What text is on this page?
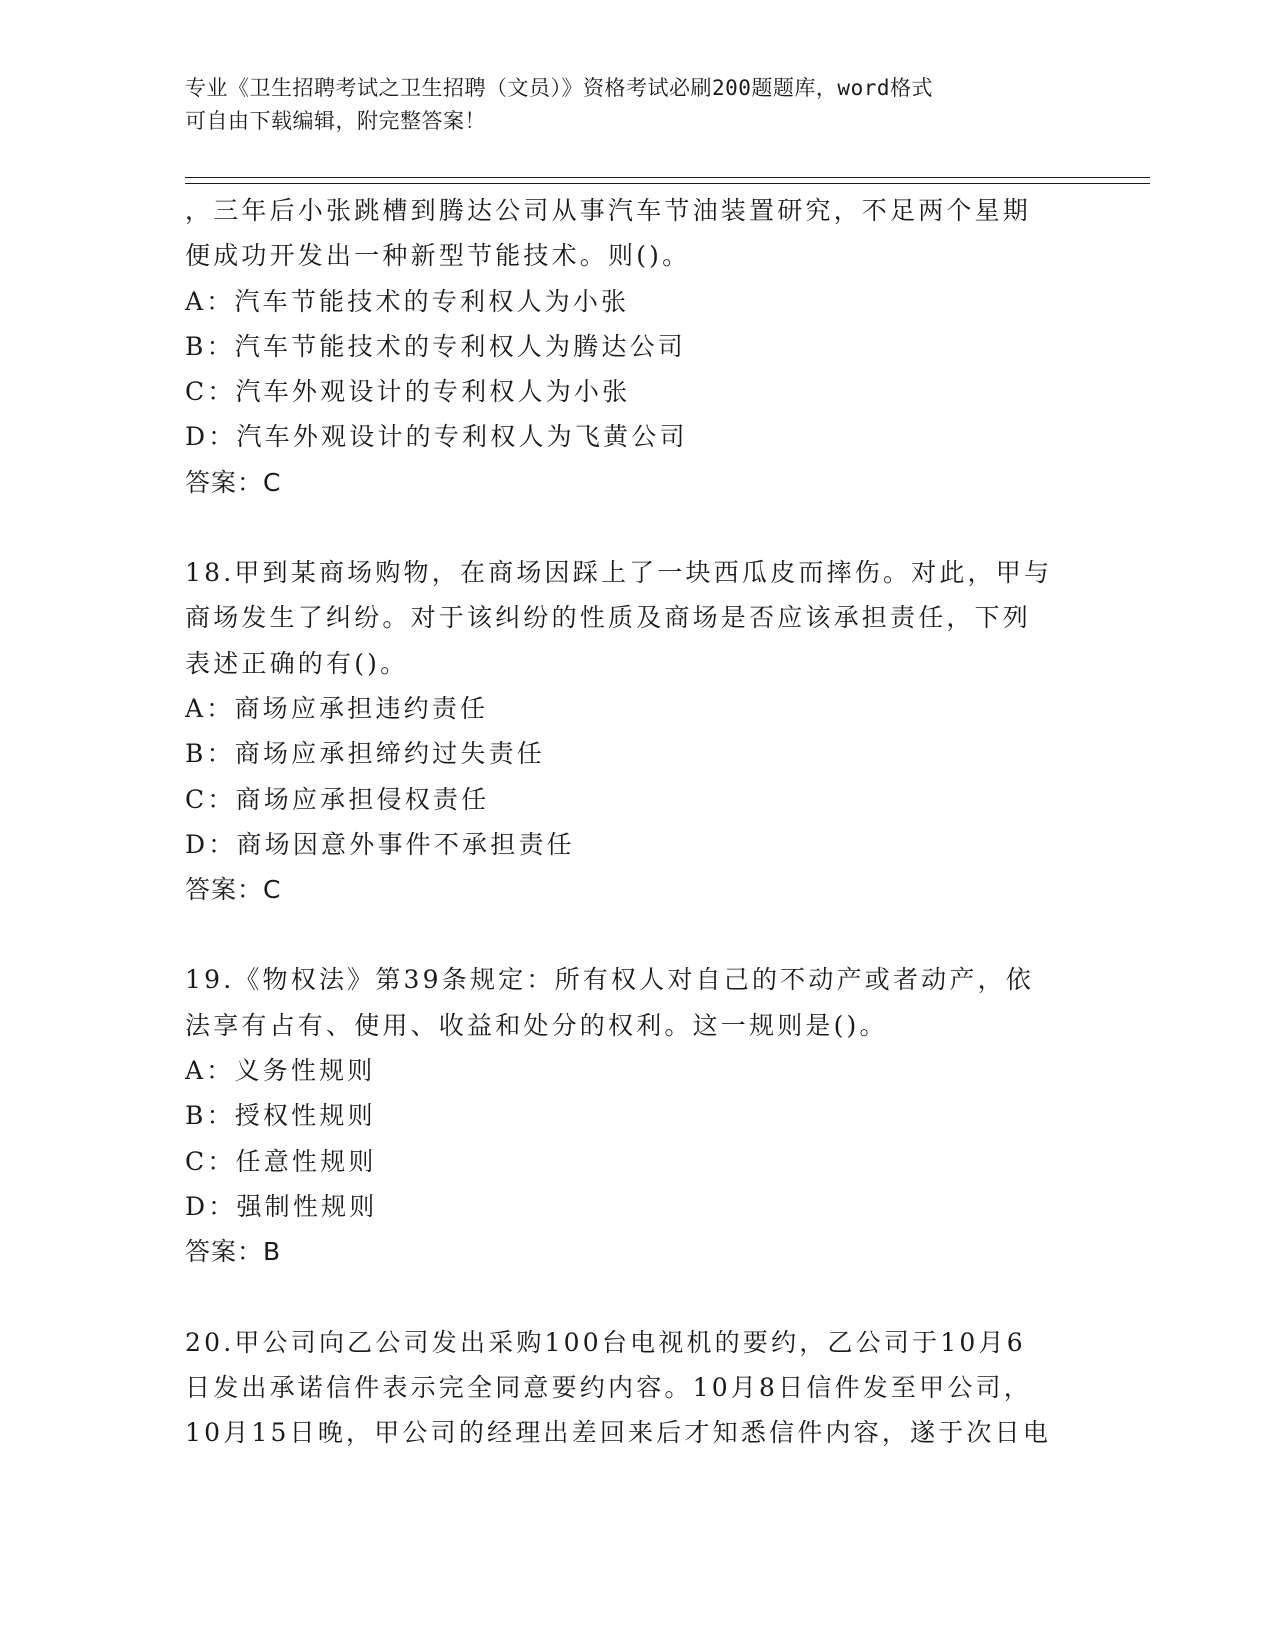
专业《卫生招聘考试之卫生招聘（文员）》资格考试必刷200题题库，word格式
可自由下载编辑，附完整答案！
，三年后小张跳槽到腾达公司从事汽车节油装置研究，不足两个星期
便成功开发出一种新型节能技术。则()。
A：汽车节能技术的专利权人为小张
B：汽车节能技术的专利权人为腾达公司
C：汽车外观设计的专利权人为小张
D：汽车外观设计的专利权人为飞黄公司
答案：C
18.甲到某商场购物，在商场因踩上了一块西瓜皮而摔伤。对此，甲与
商场发生了纠纷。对于该纠纷的性质及商场是否应该承担责任，下列
表述正确的有()。
A：商场应承担违约责任
B：商场应承担缔约过失责任
C：商场应承担侵权责任
D：商场因意外事件不承担责任
答案：C
19.《物权法》第39条规定：所有权人对自己的不动产或者动产，依
法享有占有、使用、收益和处分的权利。这一规则是()。
A：义务性规则
B：授权性规则
C：任意性规则
D：强制性规则
答案：B
20.甲公司向乙公司发出采购100台电视机的要约，乙公司于10月6
日发出承诺信件表示完全同意要约内容。10月8日信件发至甲公司，
10月15日晚，甲公司的经理出差回来后才知悉信件内容，遂于次日电
